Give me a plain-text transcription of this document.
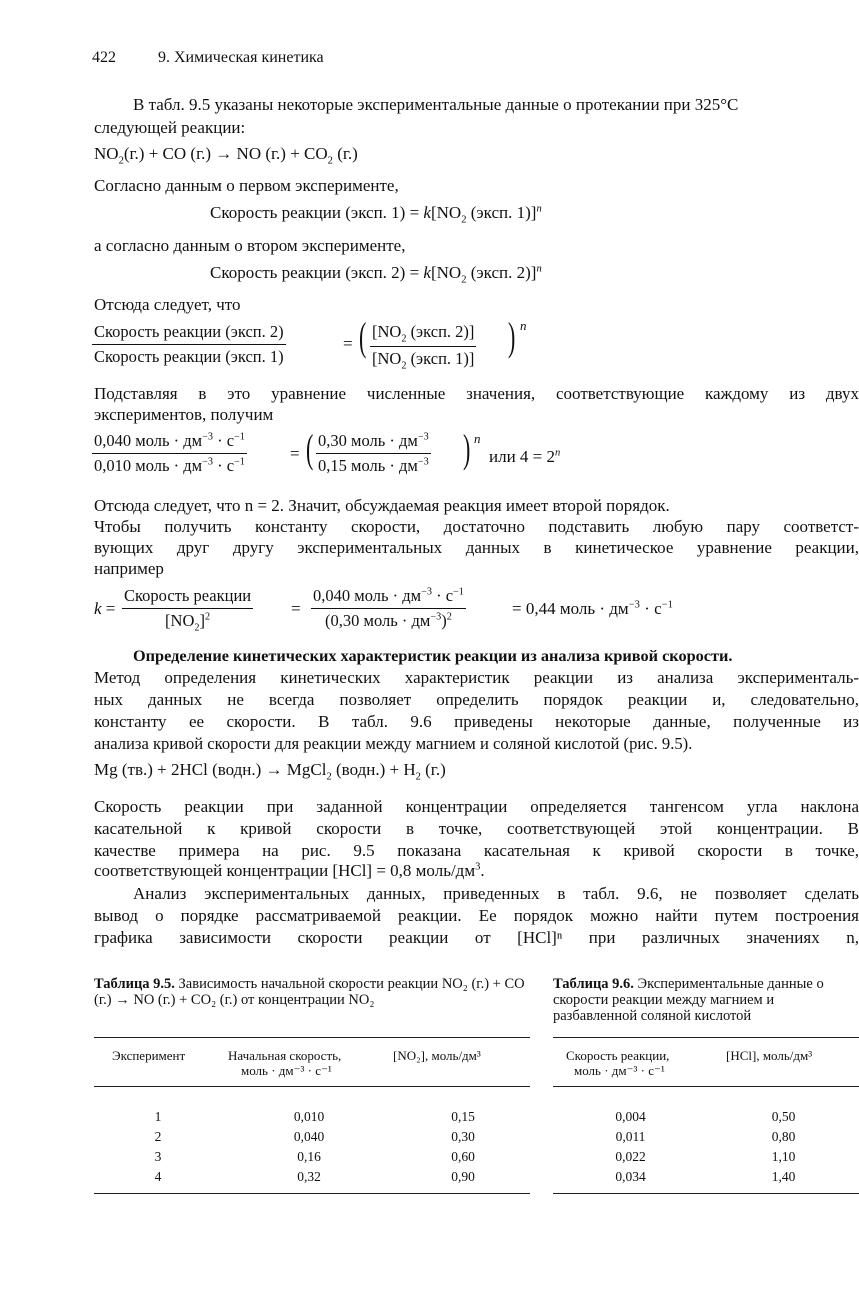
422	9. Химическая кинетика
В табл. 9.5 указаны некоторые экспериментальные данные о протекании при 325°С
следующей реакции:
$NO_2(г.)$ + CO (г.) → NO $(г.) + CO_2$ (г.)
Согласно данным о первом эксперименте,
Скорость реакции (эксп. $1) = k[NO_2$ (эксп. 1)]$^n$
а согласно данным о втором эксперименте,
Скорость реакции (эксп. $2) = k[NO_2$ (эксп. 2)]$^n$
Отсюда следует, что
Скорость реакции (эксп. 2)
Скорость реакции (эксп. 1)
= ( [$NO_2$ (эксп. 2)]
[$NO_2$ (эксп. 1)] ) n
Подставляя в это уравнение численные значения, соответствующие каждому из двух
экспериментов, получим
0,040 моль · $дм^{-3} \cdot с^{-1}$
0,010 моль · $дм^{-3} \cdot с^{-1}$	= ( 0,30 моль · $дм^{-3}$
0,15 моль · $дм^{-3}$ ) n
или $4 = 2^n$
Отсюда следует, что n = 2. Значит, обсуждаемая реакция имеет второй порядок.
Чтобы получить константу скорости, достаточно подставить любую пару соответст-
вующих друг другу экспериментальных данных в кинетическое уравнение реакции,
например
k =
Скорость реакции
$[NO_2]^2$	=
0,040 моль · $дм^{-3} \cdot с^{-1}$
(0,30 моль · $дм^{-3})^2$	= 0,44 моль · $дм^{-3} \cdot с^{-1}$
Определение кинетических характеристик реакции из анализа кривой скорости.
Метод определения кинетических характеристик реакции из анализа эксперименталь-
ных данных не всегда позволяет определить порядок реакции и, следовательно,
константу ее скорости. В табл. 9.6 приведены некоторые данные, полученные из
анализа кривой скорости для реакции между магнием и соляной кислотой (рис. 9.5).
Mg (тв.) + 2HCl (водн.) → MgCl$_2$ (водн.) + $H_2$ (г.)
Скорость реакции при заданной концентрации определяется тангенсом угла наклона
касательной к кривой скорости в точке, соответствующей этой концентрации. В
качестве примера на рис. 9.5 показана касательная к кривой скорости в точке,
соответствующей концентрации [HCl] = 0,8 моль/$дм^3$.
Анализ экспериментальных данных, приведенных в табл. 9.6, не позволяет сделать
вывод о порядке рассматриваемой реакции. Ее порядок можно найти путем построения
графика зависимости скорости реакции от [HCl]ⁿ при различных значениях n,
Таблица 9.5. Зависимость начальной скорости реакции NO₂ (г.) + CO (г.) → NO (г.) + CO₂ (г.) от концентрации NO₂
Эксперимент	Начальная скорость,
моль · дм⁻³ · с⁻¹
[NO₂], моль/дм³
1	0,010	0,15
2	0,040	0,30
3	0,16	0,60
4	0,32	0,90
Таблица 9.6. Экспериментальные данные о скорости реакции между магнием и разбавленной соляной кислотой
Скорость реакции,
моль · дм⁻³ · с⁻¹
[HCl], моль/дм³
0,004	0,50
0,011	0,80
0,022	1,10
0,034	1,40
